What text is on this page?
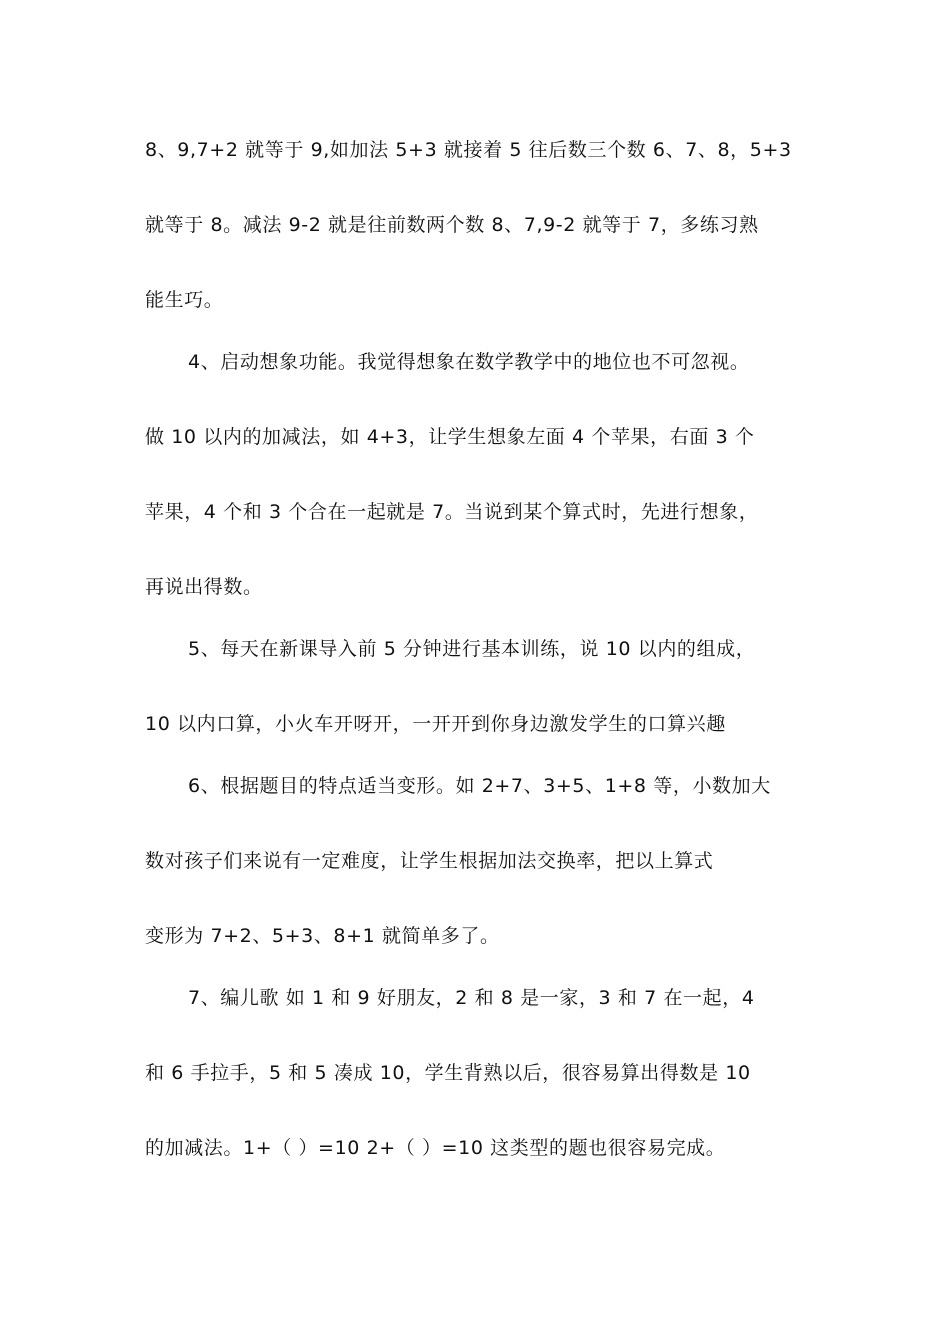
8、9,7+2 就等于 9,如加法 5+3 就接着 5 往后数三个数 6、7、8，5+3
就等于 8。减法 9-2 就是往前数两个数 8、7,9-2 就等于 7，多练习熟
能生巧。
4、启动想象功能。我觉得想象在数学教学中的地位也不可忽视。
做 10 以内的加减法，如 4+3，让学生想象左面 4 个苹果，右面 3 个
苹果，4 个和 3 个合在一起就是 7。当说到某个算式时，先进行想象，
再说出得数。
5、每天在新课导入前 5 分钟进行基本训练，说 10 以内的组成，
10 以内口算，小火车开呀开，一开开到你身边激发学生的口算兴趣
6、根据题目的特点适当变形。如 2+7、3+5、1+8 等，小数加大
数对孩子们来说有一定难度，让学生根据加法交换率，把以上算式
变形为 7+2、5+3、8+1 就简单多了。
7、编儿歌 如 1 和 9 好朋友，2 和 8 是一家，3 和 7 在一起，4
和 6 手拉手，5 和 5 凑成 10，学生背熟以后，很容易算出得数是 10
的加减法。1+（ ）=10 2+（ ）=10 这类型的题也很容易完成。
